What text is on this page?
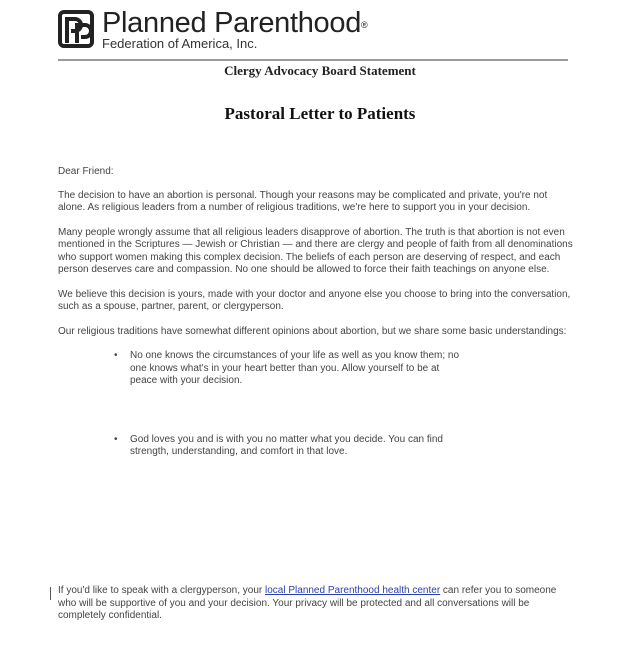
Planned Parenthood®
Federation of America, Inc.
Clergy Advocacy Board Statement
Pastoral Letter to Patients

Dear Friend:

The decision to have an abortion is personal. Though your reasons may be complicated and private, you're not alone. As religious leaders from a number of religious traditions, we're here to support you in your decision.

Many people wrongly assume that all religious leaders disapprove of abortion. The truth is that abortion is not even mentioned in the Scriptures — Jewish or Christian — and there are clergy and people of faith from all denominations who support women making this complex decision. The beliefs of each person are deserving of respect, and each person deserves care and compassion. No one should be allowed to force their faith teachings on anyone else.

We believe this decision is yours, made with your doctor and anyone else you choose to bring into the conversation, such as a spouse, partner, parent, or clergyperson.

Our religious traditions have somewhat different opinions about abortion, but we share some basic understandings:

• No one knows the circumstances of your life as well as you know them; no one knows what's in your heart better than you. Allow yourself to be at peace with your decision.
• God loves you and is with you no matter what you decide. You can find strength, understanding, and comfort in that love.

If you'd like to speak with a clergyperson, your local Planned Parenthood health center can refer you to someone who will be supportive of you and your decision. Your privacy will be protected and all conversations will be completely confidential.
